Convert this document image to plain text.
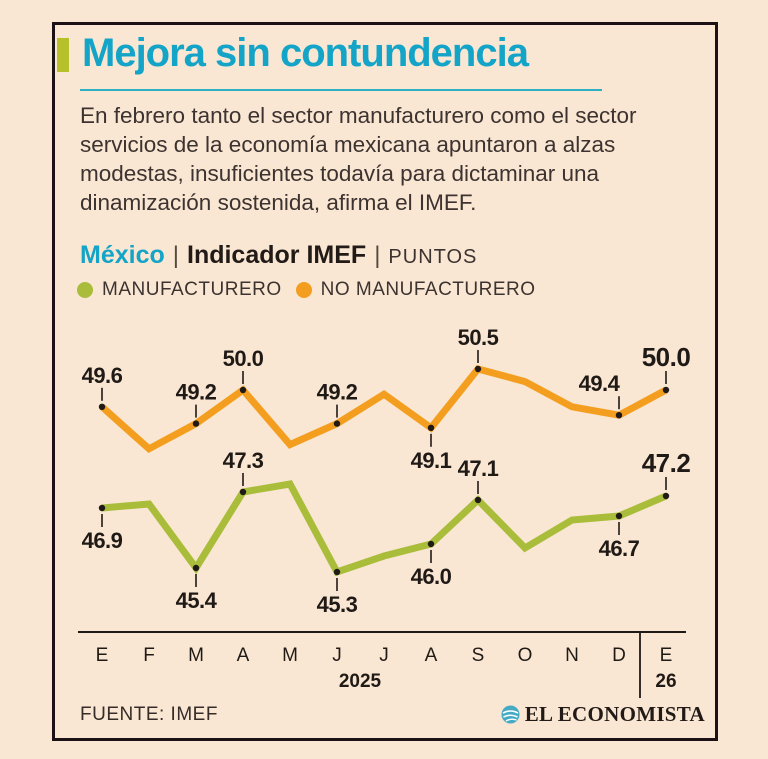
Mejora sin contundencia

En febrero tanto el sector manufacturero como el sector servicios de la economía mexicana apuntaron a alzas modestas, insuficientes todavía para dictaminar una dinamización sostenida, afirma el IMEF.

México | Indicador IMEF | PUNTOS
MANUFACTURERO NO MANUFACTURERO
FUENTE: IMEF	EL ECONOMISTA
46.9
45.4
47.3
45.3
46.0
47.1
46.7
47.2
49.6
49.2
50.0
49.2
49.1
50.5
49.4
50.0
E F M A M J J A S O N D E
2025	26
